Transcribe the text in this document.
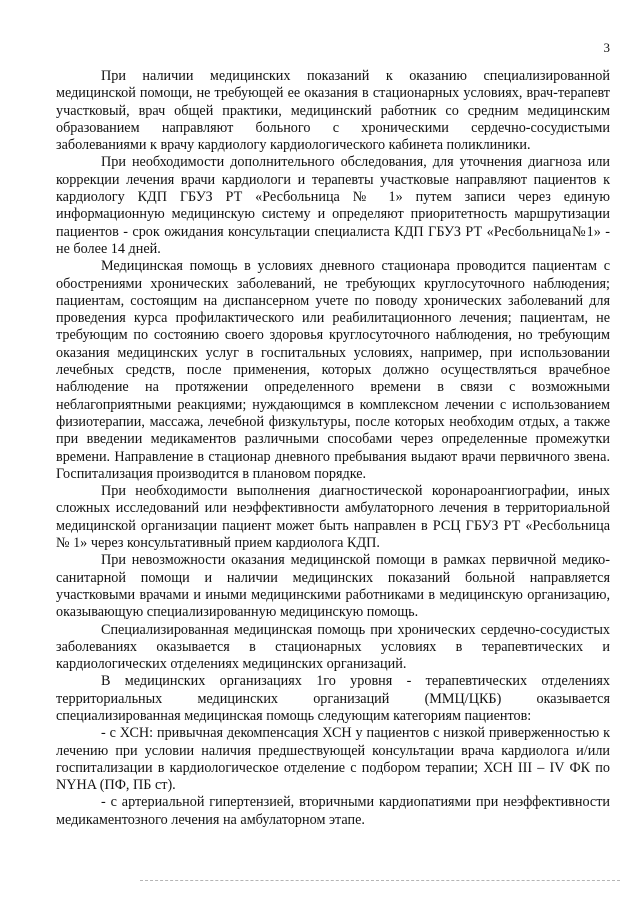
3

При наличии медицинских показаний к оказанию специализированной медицинской помощи, не требующей ее оказания в стационарных условиях, врач-терапевт участковый, врач общей практики, медицинский работник со средним медицинским образованием направляют больного с хроническими сердечно-сосудистыми заболеваниями к врачу кардиологу кардиологического кабинета поликлиники.

При необходимости дополнительного обследования, для уточнения диагноза или коррекции лечения врачи кардиологи и терапевты участковые направляют пациентов к кардиологу КДП ГБУЗ РТ «Ресбольница № 1» путем записи через единую информационную медицинскую систему и определяют приоритетность маршрутизации пациентов - срок ожидания консультации специалиста КДП ГБУЗ РТ «Ресбольница№1» - не более 14 дней.

Медицинская помощь в условиях дневного стационара проводится пациентам с обострениями хронических заболеваний, не требующих круглосуточного наблюдения; пациентам, состоящим на диспансерном учете по поводу хронических заболеваний для проведения курса профилактического или реабилитационного лечения; пациентам, не требующим по состоянию своего здоровья круглосуточного наблюдения, но требующим оказания медицинских услуг в госпитальных условиях, например, при использовании лечебных средств, после применения, которых должно осуществляться врачебное наблюдение на протяжении определенного времени в связи с возможными неблагоприятными реакциями; нуждающимся в комплексном лечении с использованием физиотерапии, массажа, лечебной физкультуры, после которых необходим отдых, а также при введении медикаментов различными способами через определенные промежутки времени. Направление в стационар дневного пребывания выдают врачи первичного звена. Госпитализация производится в плановом порядке.

При необходимости выполнения диагностической коронароангиографии, иных сложных исследований или неэффективности амбулаторного лечения в территориальной медицинской организации пациент может быть направлен в РСЦ ГБУЗ РТ «Ресбольница № 1» через консультативный прием кардиолога КДП.

При невозможности оказания медицинской помощи в рамках первичной медико-санитарной помощи и наличии медицинских показаний больной направляется участковыми врачами и иными медицинскими работниками в медицинскую организацию, оказывающую специализированную медицинскую помощь.

Специализированная медицинская помощь при хронических сердечно-сосудистых заболеваниях оказывается в стационарных условиях в терапевтических и кардиологических отделениях медицинских организаций.

В медицинских организациях 1го уровня - терапевтических отделениях территориальных медицинских организаций (ММЦ/ЦКБ) оказывается специализированная медицинская помощь следующим категориям пациентов:

- с ХСН: привычная декомпенсация ХСН у пациентов с низкой приверженностью к лечению при условии наличия предшествующей консультации врача кардиолога и/или госпитализации в кардиологическое отделение с подбором терапии; ХСН III – IV ФК по NYHA (ПФ, ПБ ст).

- с артериальной гипертензией, вторичными кардиопатиями при неэффективности медикаментозного лечения на амбулаторном этапе.
